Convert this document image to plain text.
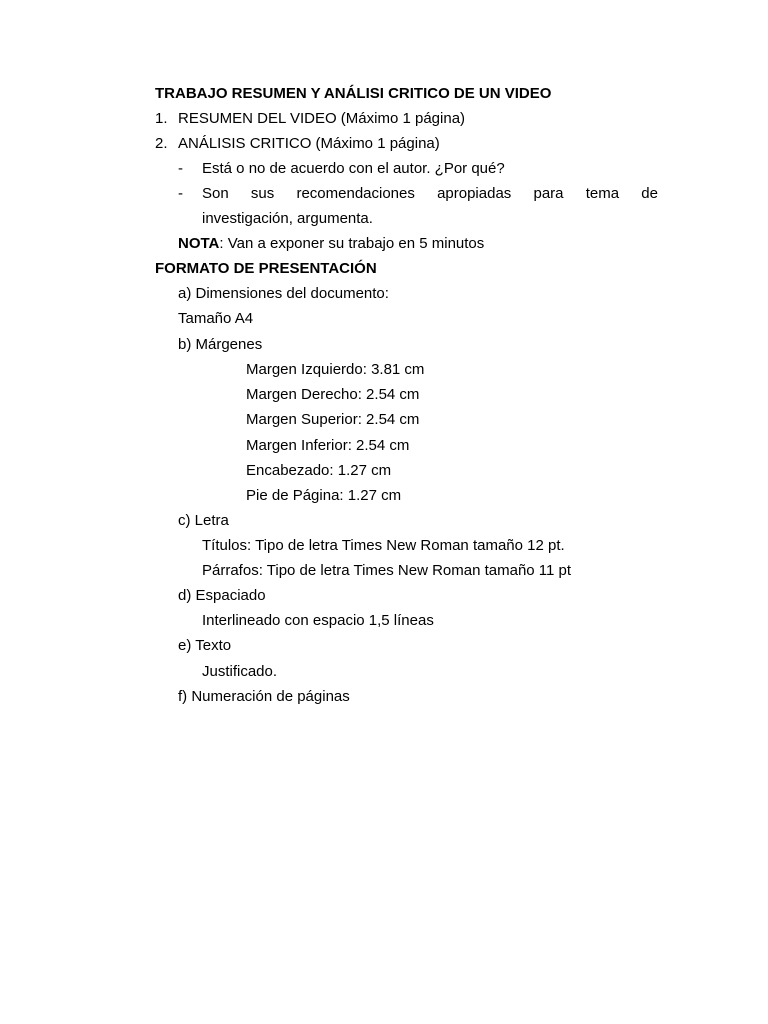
TRABAJO RESUMEN Y ANÁLISI CRITICO DE UN VIDEO
1. RESUMEN DEL VIDEO (Máximo 1 página)
2. ANÁLISIS CRITICO (Máximo 1 página)
- Está o no de acuerdo con el autor. ¿Por qué?
- Son sus recomendaciones apropiadas para tema de
investigación, argumenta.
NOTA: Van a exponer su trabajo en 5 minutos
FORMATO DE PRESENTACIÓN
a) Dimensiones del documento:
Tamaño A4
b) Márgenes
Margen Izquierdo: 3.81 cm
Margen Derecho: 2.54 cm
Margen Superior: 2.54 cm
Margen Inferior: 2.54 cm
Encabezado: 1.27 cm
Pie de Página: 1.27 cm
c) Letra
Títulos: Tipo de letra Times New Roman tamaño 12 pt.
Párrafos: Tipo de letra Times New Roman tamaño 11 pt
d) Espaciado
Interlineado con espacio 1,5 líneas
e) Texto
Justificado.
f) Numeración de páginas
